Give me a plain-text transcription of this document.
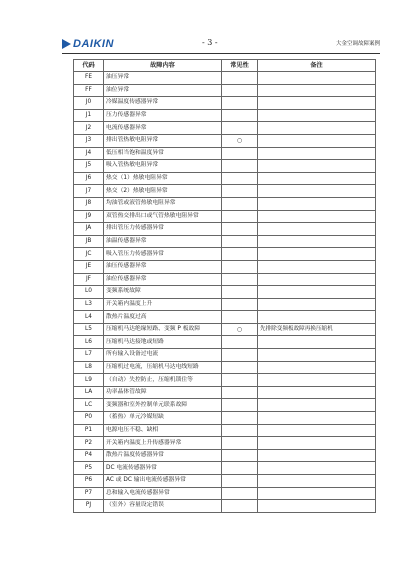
DAIKIN	- 3 -	大金空调故障案例
代码	故障内容	常见性	备注
FE	油压异常		
FF	油位异常		
J0	冷媒温度传感器异常		
J1	压力传感器异常		
J2	电流传感器异常		
J3	排出管热敏电阻异常	○	
J4	低压相当饱和温度异常		
J5	吸入管热敏电阻异常		
J6	热交（1）热敏电阻异常		
J7	热交（2）热敏电阻异常		
J8	均油管或液管热敏电阻异常		
J9	双管热交排出口或气管热敏电阻异常		
JA	排出管压力传感器异常		
JB	油温传感器异常		
JC	吸入管压力传感器异常		
JE	油压传感器异常		
JF	油位传感器异常		
L0	变频系统故障		
L3	开关箱内温度上升		
L4	散热片温度过高		
L5	压缩机马达绝缘短路、变频 P 板故障	○	先排除变频板故障再换压缩机
L6	压缩机马达接地或短路		
L7	所有输入设备过电流		
L8	压缩机过电流，压缩机马达电线短路		
L9	（自动）失控防止，压缩机锁住等		
LA	功率晶体管故障		
LC	变频器和室外控制单元联系故障		
P0	（蓄热）单元冷媒短缺		
P1	电源电压不稳、缺相		
P2	开关箱内温度上升传感器异常		
P4	散热片温度传感器异常		
P5	DC 电流传感器异常		
P6	AC 或 DC 输出电流传感器异常		
P7	总和输入电流传感器异常		
PJ	（室外）容量设定错误		
